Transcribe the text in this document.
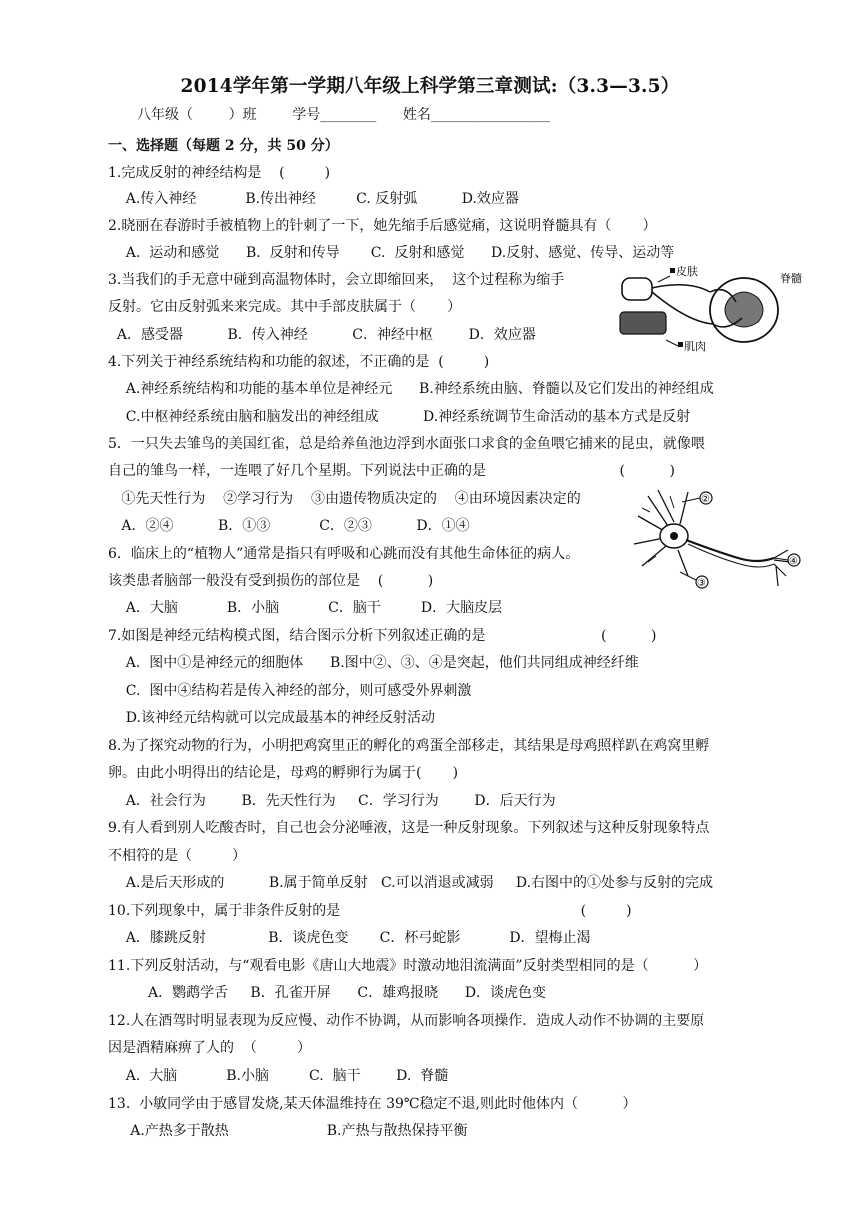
2014学年第一学期八年级上科学第三章测试:（3.3—3.5）
八年级（        ）班        学号________      姓名_________________
一、选择题（每题 2 分，共 50 分）
1.完成反射的神经结构是    (         )
A.传入神经           B.传出神经         C. 反射弧          D.效应器
2.晓丽在春游时手被植物上的针刺了一下，她先缩手后感觉痛，这说明脊髓具有（       ）
A.  运动和感觉      B.  反射和传导       C.  反射和感觉      D.反射、感觉、传导、运动等
3.当我们的手无意中碰到高温物体时，会立即缩回来，  这个过程称为缩手
反射。它由反射弧来来完成。其中手部皮肤属于（       ）
A．感受器          B．传入神经          C．神经中枢        D．效应器
4.下列关于神经系统结构和功能的叙述，不正确的是  (         )
A.神经系统结构和功能的基本单位是神经元      B.神经系统由脑、脊髓以及它们发出的神经组成
C.中枢神经系统由脑和脑发出的神经组成          D.神经系统调节生命活动的基本方式是反射
5．一只失去雏鸟的美国红雀，总是给养鱼池边浮到水面张口求食的金鱼喂它捕来的昆虫，就像喂
自己的雏鸟一样，一连喂了好几个星期。下列说法中正确的是                              (          )
①先天性行为    ②学习行为    ③由遗传物质决定的    ④由环境因素决定的
A．②④          B．①③           C．②③          D．①④
6．临床上的“植物人”通常是指只有呼吸和心跳而没有其他生命体征的病人。
该类患者脑部一般没有受到损伤的部位是    (          )
A．大脑           B．小脑           C．脑干         D．大脑皮层
7.如图是神经元结构模式图，结合图示分析下列叙述正确的是                          (          )
A.  图中①是神经元的细胞体      B.图中②、③、④是突起，他们共同组成神经纤维
C.  图中④结构若是传入神经的部分，则可感受外界刺激
D.该神经元结构就可以完成最基本的神经反射活动
8.为了探究动物的行为，小明把鸡窝里正的孵化的鸡蛋全部移走，其结果是母鸡照样趴在鸡窝里孵
卵。由此小明得出的结论是，母鸡的孵卵行为属于(       )
A．社会行为        B．先天性行为     C．学习行为        D．后天行为
9.有人看到别人吃酸杏时，自己也会分泌唾液，这是一种反射现象。下列叙述与这种反射现象特点
不相符的是（         ）
A.是后天形成的          B.属于简单反射   C.可以消退或减弱     D.右图中的①处参与反射的完成
10.下列现象中，属于非条件反射的是                                                      (         )
A．膝跳反射              B．谈虎色变       C．杯弓蛇影           D．望梅止渴
11.下列反射活动，与“观看电影《唐山大地震》时激动地泪流满面”反射类型相同的是（          ）
A．鹦鹉学舌     B．孔雀开屏      C．雄鸡报晓      D．谈虎色变
12.人在酒驾时明显表现为反应慢、动作不协调，从而影响各项操作．造成人动作不协调的主要原
因是酒精麻痹了人的  （         ）
A.  大脑           B.小脑         C.  脑干        D.  脊髓
13.  小敏同学由于感冒发烧,某天体温维持在 39℃稳定不退,则此时他体内（          ）
A.产热多于散热                      B.产热与散热保持平衡
皮肤
脊髓
肌肉
②
③
④
